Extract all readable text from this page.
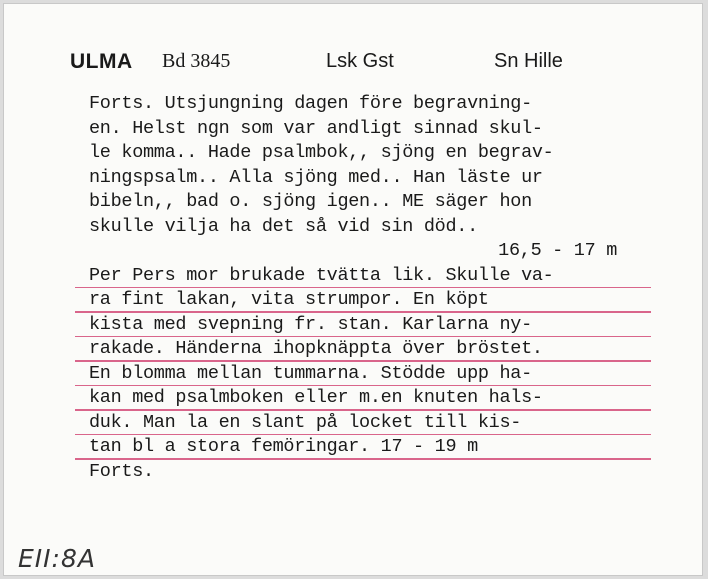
ULMA Bd 3845	Lsk Gst	Sn Hille
Forts. Utsjungning dagen före begravning-
en. Helst ngn som var andligt sinnad skul-
le komma.. Hade psalmbok,, sjöng en begrav-
ningspsalm.. Alla sjöng med.. Han läste ur
bibeln,, bad o. sjöng igen.. ME säger hon
skulle vilja ha det så vid sin död..
16,5 - 17 m
Per Pers mor brukade tvätta lik. Skulle va-
ra fint lakan, vita strumpor. En köpt
kista med svepning fr. stan. Karlarna ny-
rakade. Händerna ihopknäppta över bröstet.
En blomma mellan tummarna. Stödde upp ha-
kan med psalmboken eller m.en knuten hals-
duk. Man la en slant på locket till kis-
tan bl a stora femöringar. 17 - 19 m
Forts.
EII:8A
